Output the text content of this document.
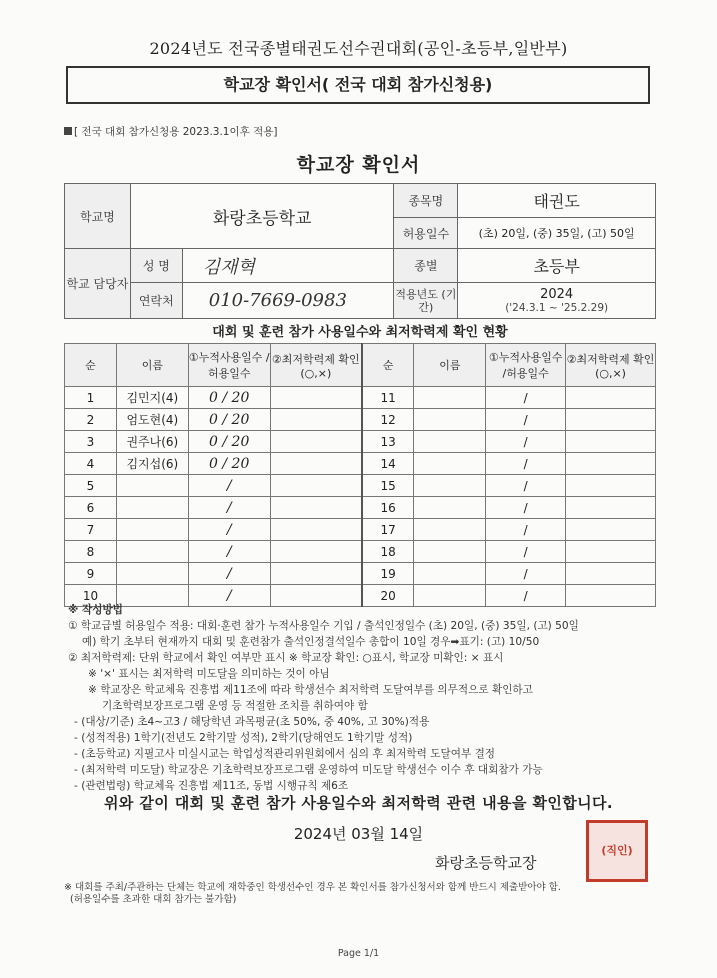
2024년도 전국종별태권도선수권대회(공인-초등부,일반부)
학교장 확인서( 전국 대회 참가신청용)
[ 전국 대회 참가신청용 2023.3.1이후 적용]
학교장 확인서
학교명	화랑초등학교		종목명	태권도
			허용일수	(초) 20일, (중) 35일, (고) 50일
학교 담당자	성 명	김재혁	종별	초등부
	연락처	010-7669-0983	적용년도 (기간)	2024
('24.3.1 ~ '25.2.29)
대회 및 훈련 참가 사용일수와 최저학력제 확인 현황
순	이름	①누적사용일수 /허용일수	②최저학력제 확인(○,×)	순	이름	①누적사용일수 /허용일수	②최저학력제 확인(○,×)
1	김민지(4)	0 / 20		11		/	
2	엄도현(4)	0 / 20		12		/	
3	권주나(6)	0 / 20		13		/	
4	김지섭(6)	0 / 20		14		/	
5		/		15		/	
6		/		16		/	
7		/		17		/	
8		/		18		/	
9		/		19		/	
10		/		20		/	
※ 작성방법
① 학교급별 허용일수 적용: 대회·훈련 참가 누적사용일수 기입 / 출석인정일수 (초) 20일, (중) 35일, (고) 50일
예) 학기 초부터 현재까지 대회 및 훈련참가 출석인정결석일수 총합이 10일 경우➡표기: (고) 10/50
② 최저학력제: 단위 학교에서 확인 여부만 표시 ※ 학교장 확인: ○표시, 학교장 미확인: × 표시
※ '×' 표시는 최저학력 미도달을 의미하는 것이 아님
※ 학교장은 학교체육 진흥법 제11조에 따라 학생선수 최저학력 도달여부를 의무적으로 확인하고
기초학력보장프로그램 운영 등 적절한 조치를 취하여야 함
- (대상/기준) 초4~고3 / 해당학년 과목평균(초 50%, 중 40%, 고 30%)적용
- (성적적용) 1학기(전년도 2학기말 성적), 2학기(당해연도 1학기말 성적)
- (초등학교) 지필고사 미실시교는 학업성적관리위원회에서 심의 후 최저학력 도달여부 결정
- (최저학력 미도달) 학교장은 기초학력보장프로그램 운영하여 미도달 학생선수 이수 후 대회참가 가능
- (관련법령) 학교체육 진흥법 제11조, 동법 시행규칙 제6조
위와 같이 대회 및 훈련 참가 사용일수와 최저학력 관련 내용을 확인합니다.
2024년 03월 14일
화랑초등학교장
(직인)
※ 대회를 주최/주관하는 단체는 학교에 재학중인 학생선수인 경우 본 확인서를 참가신청서와 함께 반드시 제출받아야 함.
(허용일수를 초과한 대회 참가는 불가함)
Page 1/1
